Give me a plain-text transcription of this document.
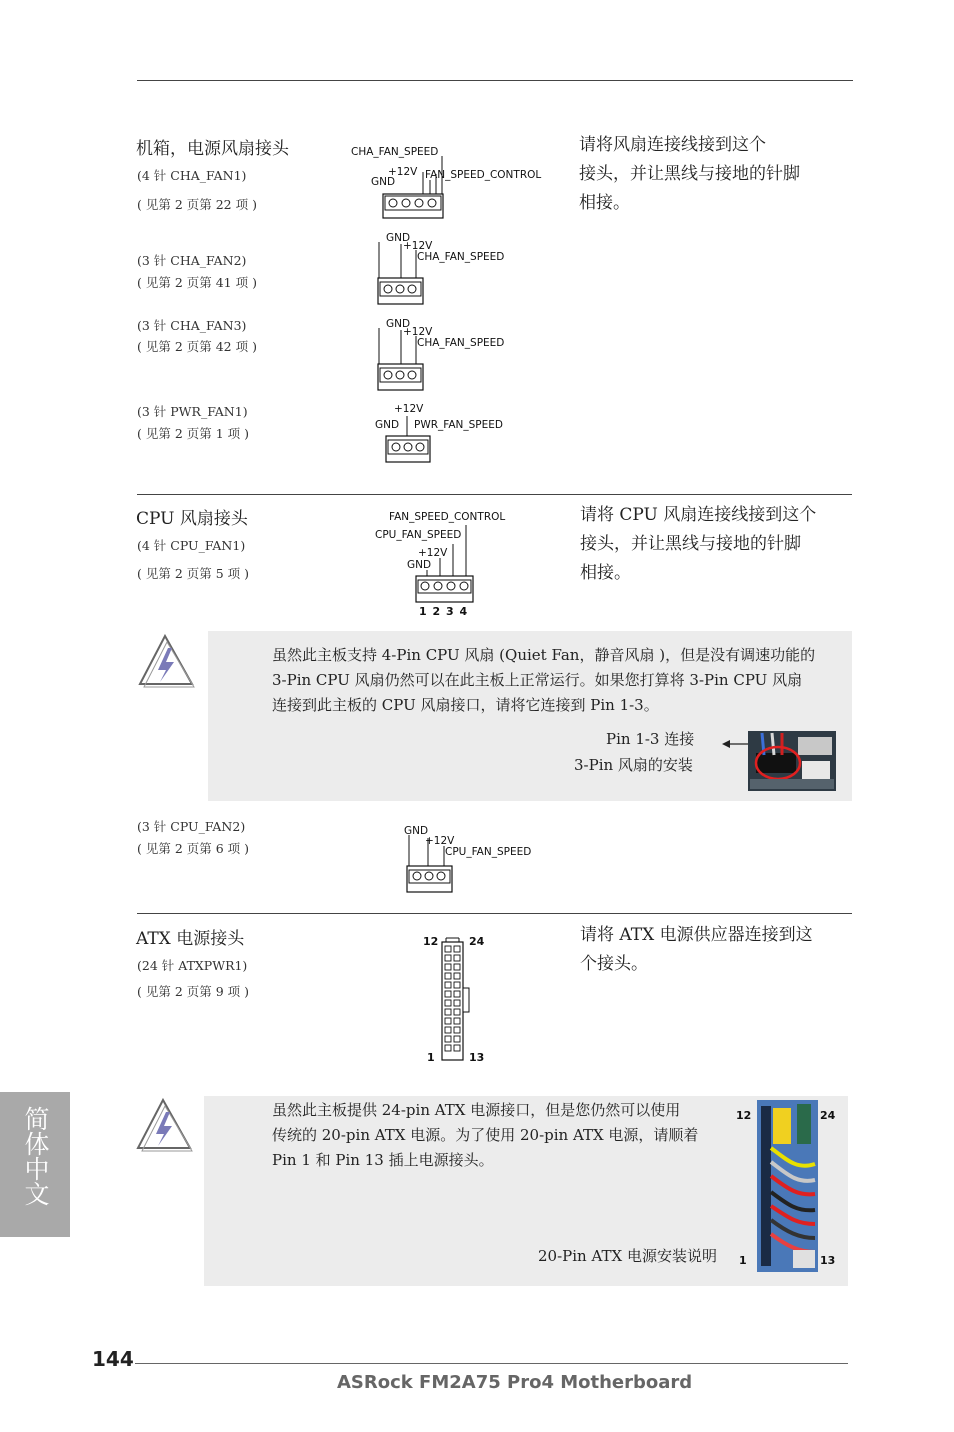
机箱，电源风扇接头
(4 针 CHA_FAN1)
( 见第 2 页第 22 项 )
请将风扇连接线接到这个
接头，并让黑线与接地的针脚
相接。
CHA_FAN_SPEED
+12V FAN_SPEED_CONTROL
GND
(3 针 CHA_FAN2)
( 见第 2 页第 41 项 )
GND
+12V
CHA_FAN_SPEED
(3 针 CHA_FAN3)
( 见第 2 页第 42 项 )
GND
+12V
CHA_FAN_SPEED
(3 针 PWR_FAN1)
( 见第 2 页第 1 项 )
+12V
GND PWR_FAN_SPEED
CPU 风扇接头
(4 针 CPU_FAN1)
( 见第 2 页第 5 项 )
请将 CPU 风扇连接线接到这个
接头，并让黑线与接地的针脚
相接。
FAN_SPEED_CONTROL
CPU_FAN_SPEED
+12V
GND
1 2 3 4
虽然此主板支持 4-Pin CPU 风扇 (Quiet Fan，静音风扇 )，但是没有调速功能的
3-Pin CPU 风扇仍然可以在此主板上正常运行。如果您打算将 3-Pin CPU 风扇
连接到此主板的 CPU 风扇接口，请将它连接到 Pin 1-3。
Pin 1-3 连接
3-Pin 风扇的安装
(3 针 CPU_FAN2)
( 见第 2 页第 6 项 )
GND
+12V
CPU_FAN_SPEED
ATX 电源接头
(24 针 ATXPWR1)
( 见第 2 页第 9 项 )
请将 ATX 电源供应器连接到这
个接头。
12	24
1	13
虽然此主板提供 24-pin ATX 电源接口，但是您仍然可以使用
传统的 20-pin ATX 电源。为了使用 20-pin ATX 电源，请顺着
Pin 1 和 Pin 13 插上电源接头。
20-Pin ATX 电源安装说明
12	24
1	13
144
ASRock FM2A75 Pro4 Motherboard
简体中文
